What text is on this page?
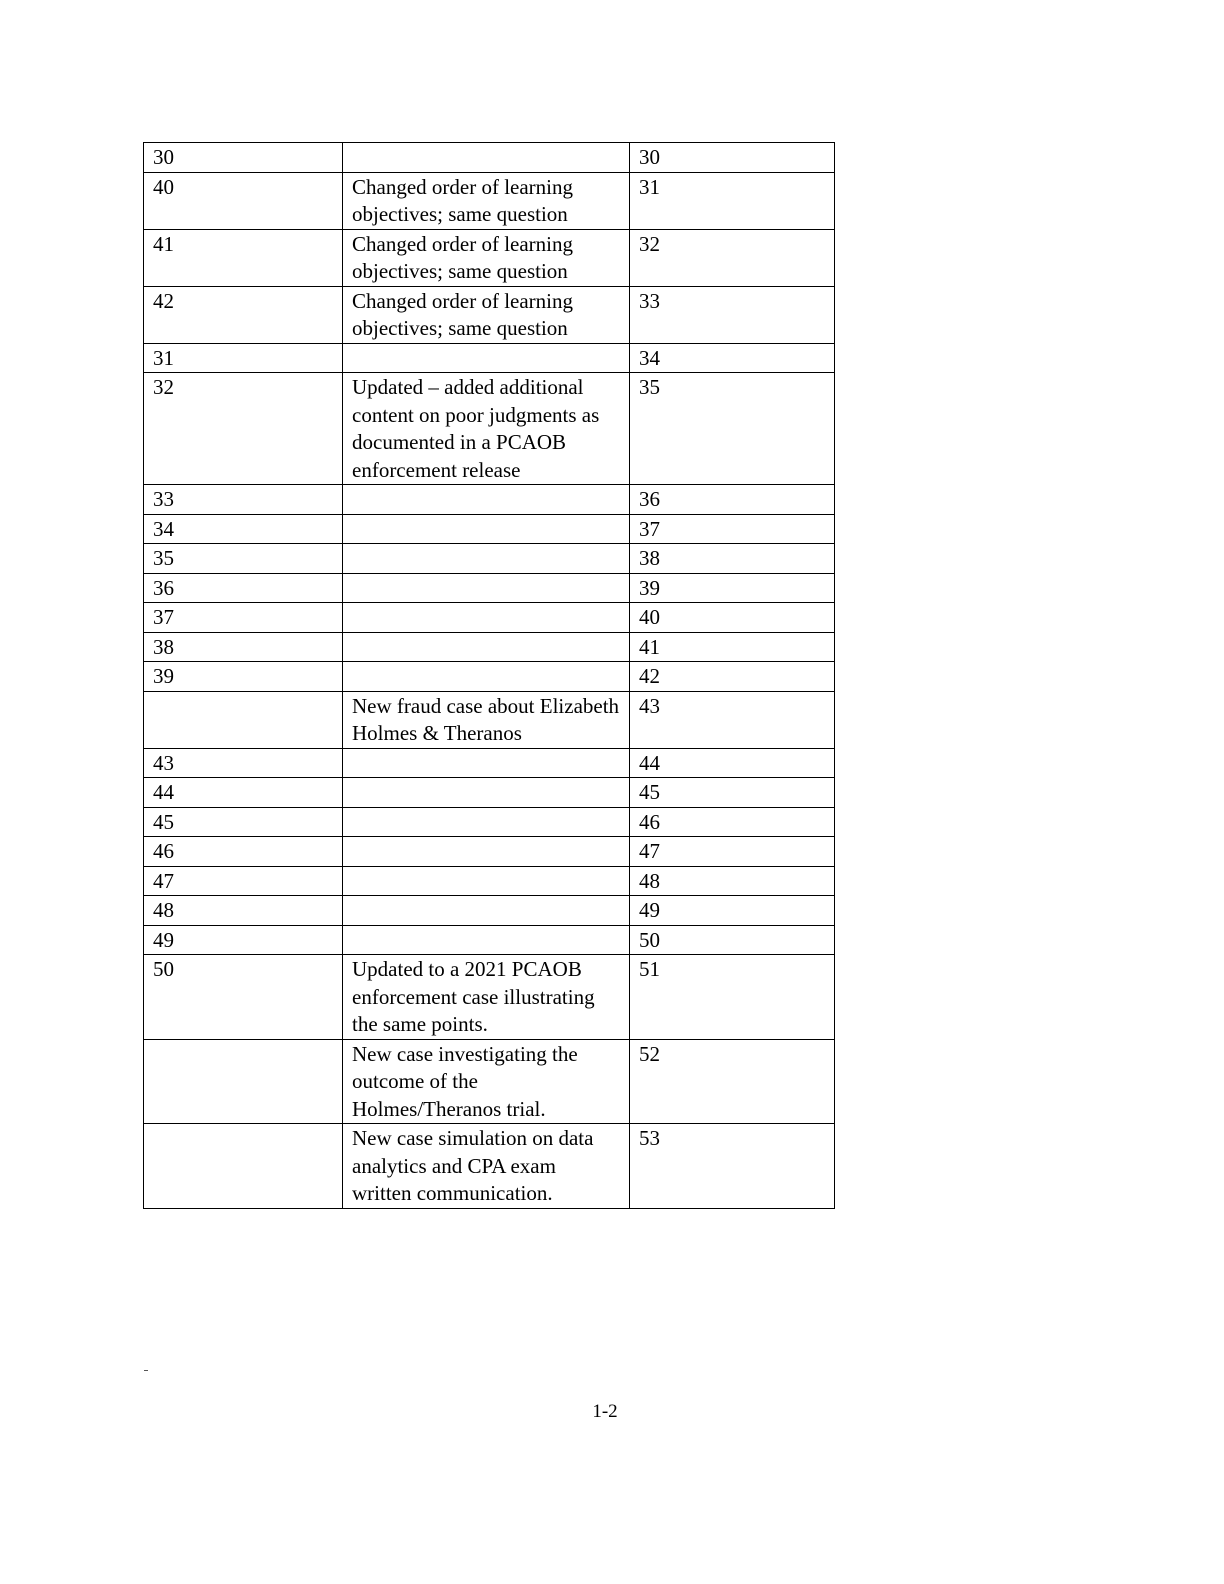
30		30
40	Changed order of learning objectives; same question	31
41	Changed order of learning objectives; same question	32
42	Changed order of learning objectives; same question	33
31		34
32	Updated – added additional content on poor judgments as documented in a PCAOB enforcement release	35
33		36
34		37
35		38
36		39
37		40
38		41
39		42
	New fraud case about Elizabeth Holmes & Theranos	43
43		44
44		45
45		46
46		47
47		48
48		49
49		50
50	Updated to a 2021 PCAOB enforcement case illustrating the same points.	51
	New case investigating the outcome of the Holmes/Theranos trial.	52
	New case simulation on data analytics and CPA exam written communication.	53
1-2
